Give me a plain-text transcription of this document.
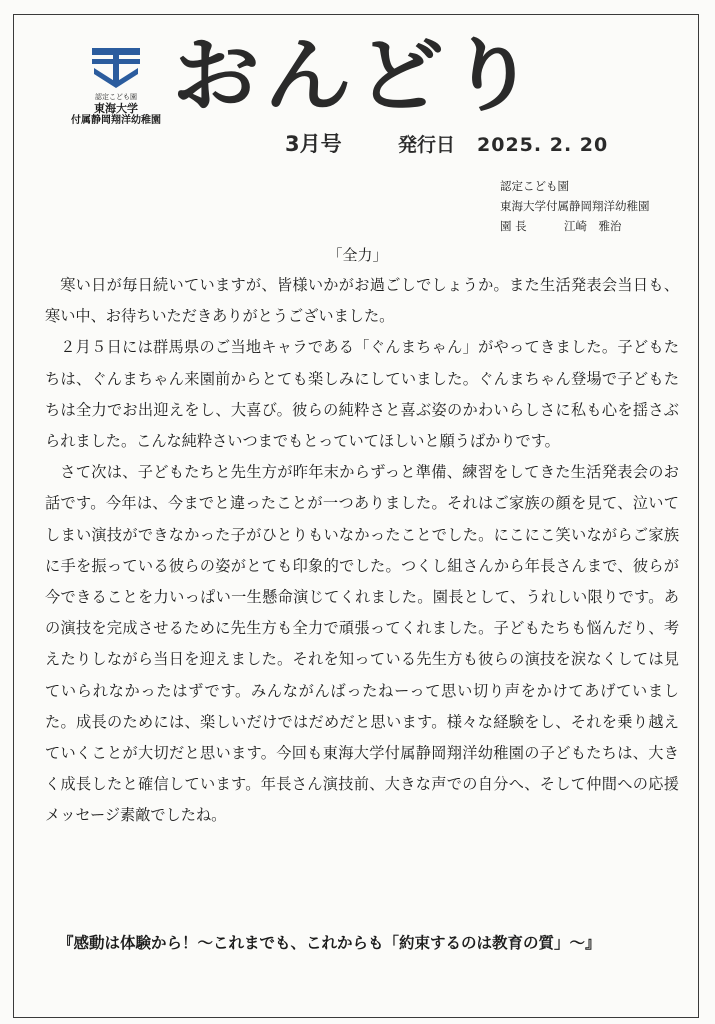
認定こども園
東海大学
付属静岡翔洋幼稚園 おんどり
3月号	発行日 2025. 2. 20
認定こども園
東海大学付属静岡翔洋幼稚園
園 長	江崎　雅治
「全力」

寒い日が毎日続いていますが、皆様いかがお過ごしでしょうか。また生活発表会当日も、寒い中、お待ちいただきありがとうございました。

２月５日には群馬県のご当地キャラである「ぐんまちゃん」がやってきました。子どもたちは、ぐんまちゃん来園前からとても楽しみにしていました。ぐんまちゃん登場で子どもたちは全力でお出迎えをし、大喜び。彼らの純粋さと喜ぶ姿のかわいらしさに私も心を揺さぶられました。こんな純粋さいつまでもとっていてほしいと願うばかりです。

さて次は、子どもたちと先生方が昨年末からずっと準備、練習をしてきた生活発表会のお話です。今年は、今までと違ったことが一つありました。それはご家族の顔を見て、泣いてしまい演技ができなかった子がひとりもいなかったことでした。にこにこ笑いながらご家族に手を振っている彼らの姿がとても印象的でした。つくし組さんから年長さんまで、彼らが今できることを力いっぱい一生懸命演じてくれました。園長として、うれしい限りです。あの演技を完成させるために先生方も全力で頑張ってくれました。子どもたちも悩んだり、考えたりしながら当日を迎えました。それを知っている先生方も彼らの演技を涙なくしては見ていられなかったはずです。みんながんばったねーって思い切り声をかけてあげていました。成長のためには、楽しいだけではだめだと思います。様々な経験をし、それを乗り越えていくことが大切だと思います。今回も東海大学付属静岡翔洋幼稚園の子どもたちは、大きく成長したと確信しています。年長さん演技前、大きな声での自分へ、そして仲間への応援メッセージ素敵でしたね。

『感動は体験から！～これまでも、これからも「約束するのは教育の質」～』
